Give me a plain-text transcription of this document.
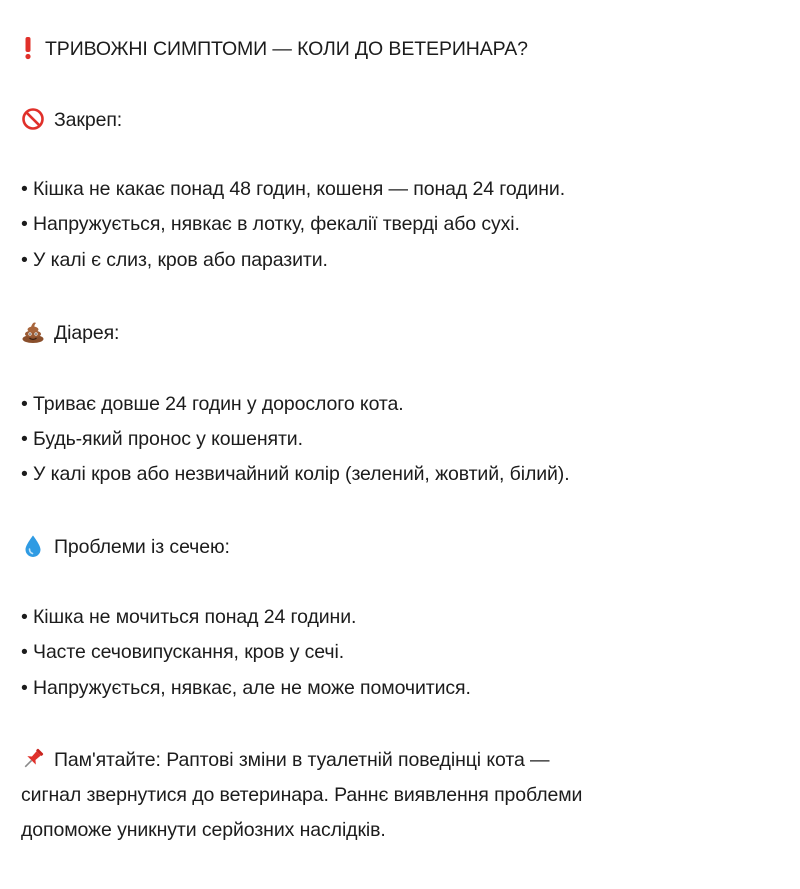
ТРИВОЖНІ СИМПТОМИ — КОЛИ ДО ВЕТЕРИНАРА?
Закреп:
• Кішка не какає понад 48 годин, кошеня — понад 24 години.
• Напружується, нявкає в лотку, фекалії тверді або сухі.
• У калі є слиз, кров або паразити.
Діарея:
• Триває довше 24 годин у дорослого кота.
• Будь-який пронос у кошеняти.
• У калі кров або незвичайний колір (зелений, жовтий, білий).
Проблеми із сечею:
• Кішка не мочиться понад 24 години.
• Часте сечовипускання, кров у сечі.
• Напружується, нявкає, але не може помочитися.
Пам'ятайте: Раптові зміни в туалетній поведінці кота —
сигнал звернутися до ветеринара. Раннє виявлення проблеми
допоможе уникнути серйозних наслідків.
